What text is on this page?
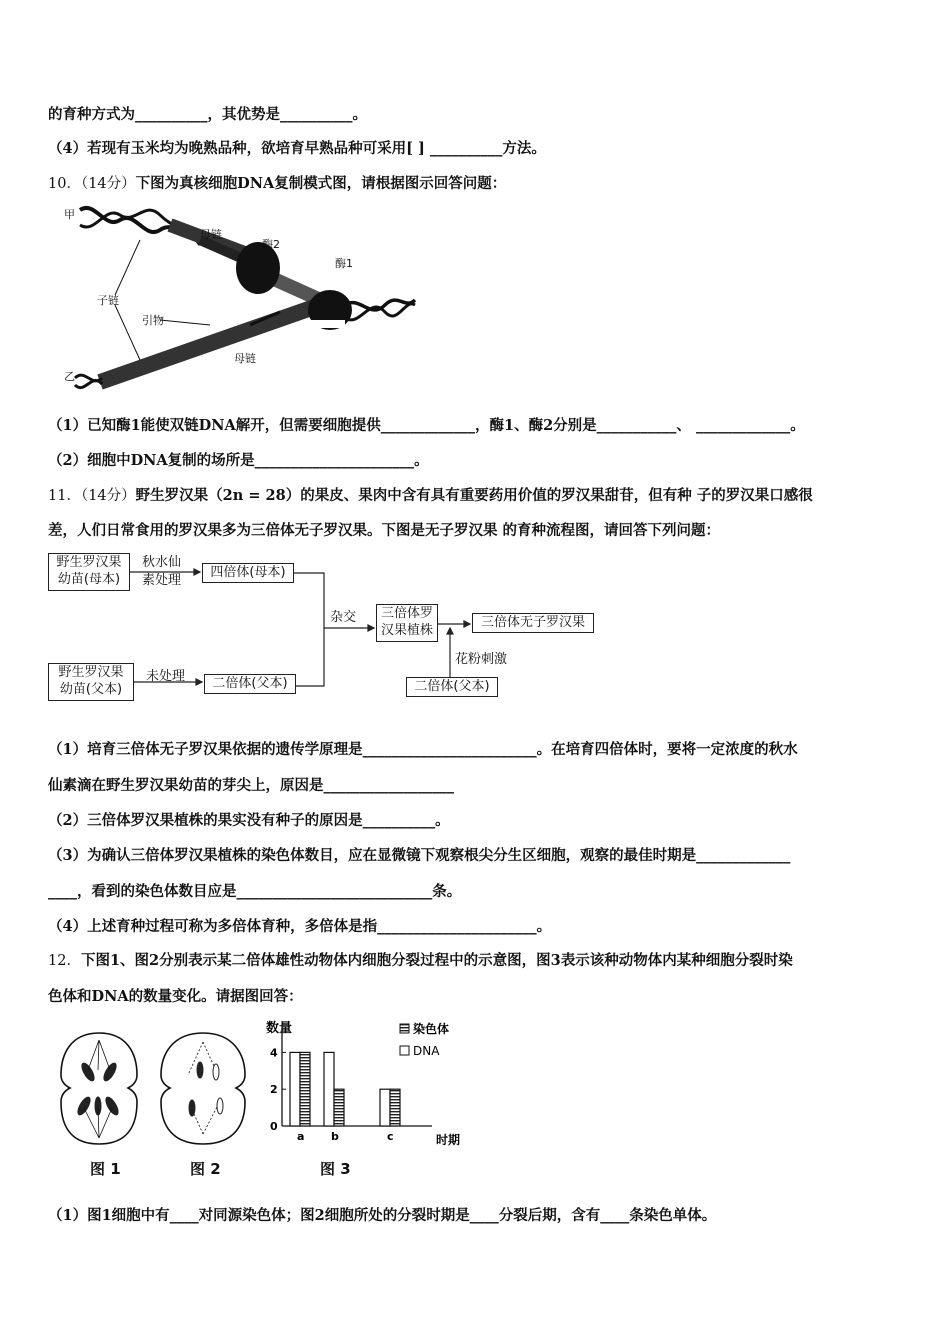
的育种方式为__________，其优势是__________。
（4）若现有玉米均为晚熟品种，欲培育早熟品种可采用[ ] __________方法。
10．（14分）下图为真核细胞DNA复制模式图，请根据图示回答问题：
甲
母链
酶2
酶1
子链
引物
母链
乙
（1）已知酶1能使双链DNA解开，但需要细胞提供_____________，酶1、酶2分别是___________、 _____________。
（2）细胞中DNA复制的场所是______________________。
11．（14分）野生罗汉果（2n = 28）的果皮、果肉中含有具有重要药用价值的罗汉果甜苷，但有种 子的罗汉果口感很
差，人们日常食用的罗汉果多为三倍体无子罗汉果。下图是无子罗汉果 的育种流程图，请回答下列问题：
野生罗汉果
幼苗(母本)
秋水仙
素处理
四倍体(母本)
杂交	三倍体罗
汉果植株
三倍体无子罗汉果
花粉刺激
野生罗汉果
幼苗(父本)
未处理	二倍体(父本)	二倍体(父本)
（1）培育三倍体无子罗汉果依据的遗传学原理是________________________。在培育四倍体时，要将一定浓度的秋水
仙素滴在野生罗汉果幼苗的芽尖上，原因是__________________
（2）三倍体罗汉果植株的果实没有种子的原因是__________。
（3）为确认三倍体罗汉果植株的染色体数目，应在显微镜下观察根尖分生区细胞，观察的最佳时期是_____________
____，看到的染色体数目应是___________________________条。
（4）上述育种过程可称为多倍体育种，多倍体是指______________________。
12．下图1、图2分别表示某二倍体雄性动物体内细胞分裂过程中的示意图，图3表示该种动物体内某种细胞分裂时染
色体和DNA的数量变化。请据图回答：
图 1	图 2
数量	染色体
DNA
时期
a b	c
0
2
4
图 3
（1）图1细胞中有____对同源染色体；图2细胞所处的分裂时期是____分裂后期，含有____条染色单体。
